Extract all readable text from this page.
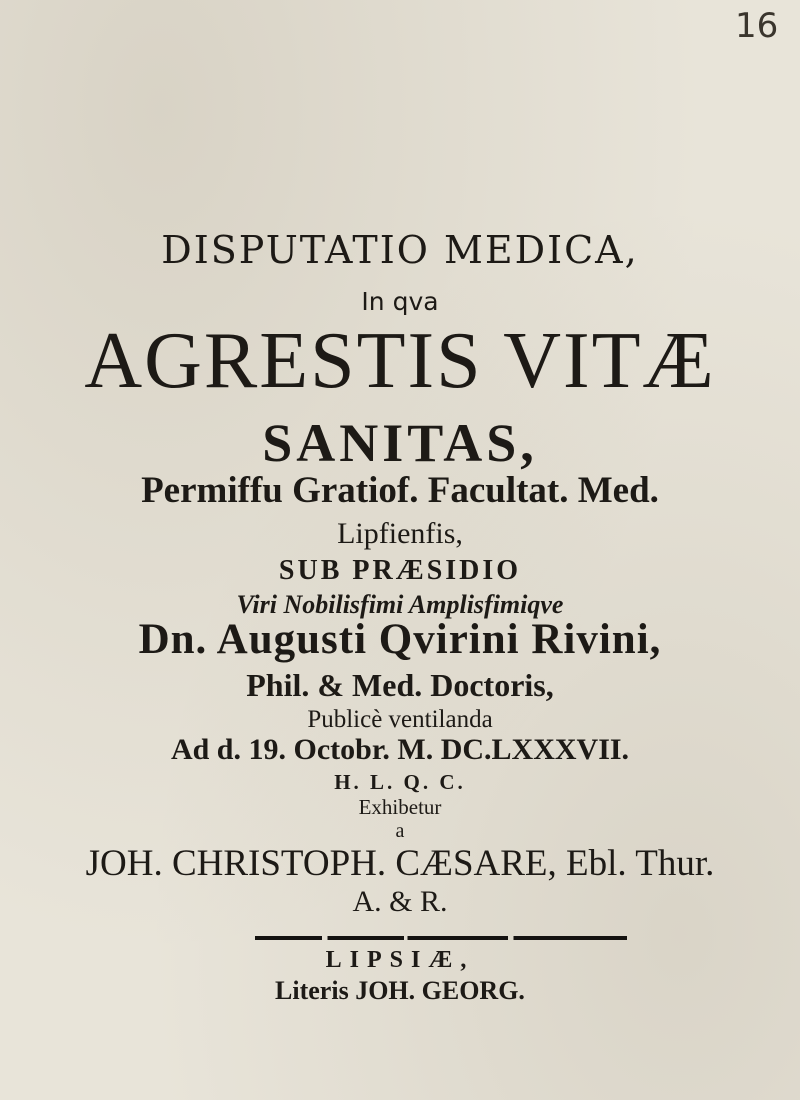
16
DISPUTATIO MEDICA,
In qva
AGRESTIS VITÆ
SANITAS,
Permiffu Gratiof. Facultat. Med.
Lipfienfis,
SUB PRÆSIDIO
Viri Nobilisfimi Amplisfimiqve
Dn. Augusti Qvirini Rivini,
Phil. & Med. Doctoris,
Publicè ventilanda
Ad d. 19. Octobr. M. DC.LXXXVII.
H. L. Q. C.
Exhibetur
a
JOH. CHRISTOPH. CÆSARE, Ebl. Thur.
A. & R.
LIPSIÆ,
Literis JOH. GEORG.
